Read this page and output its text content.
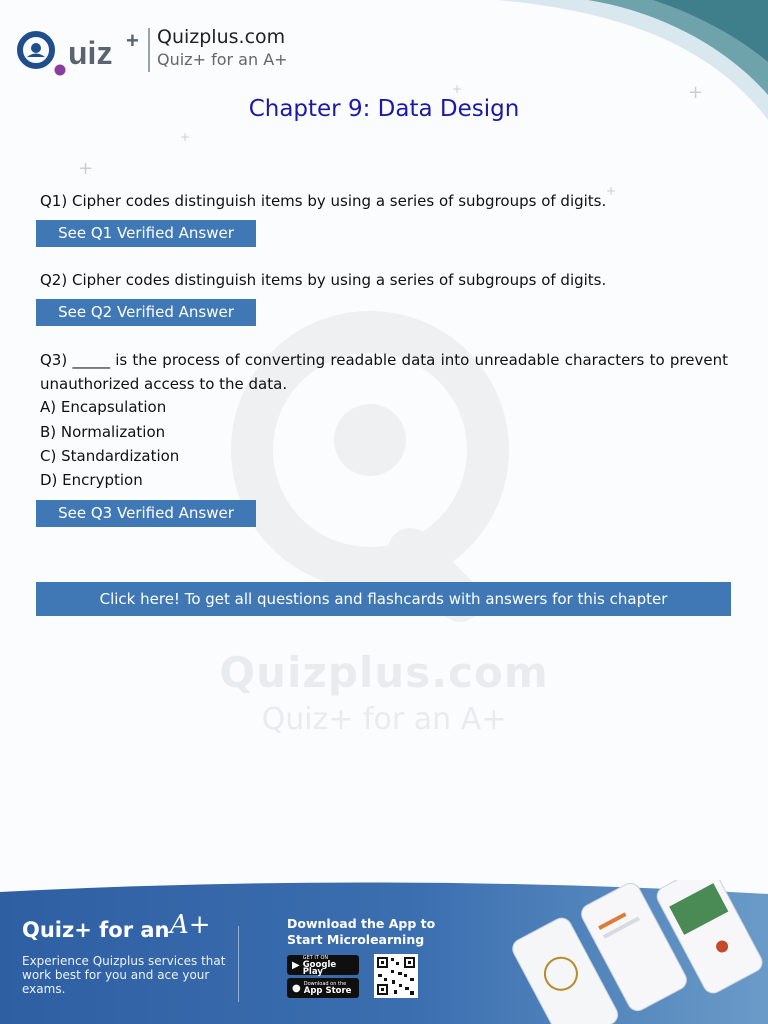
Quizplus.com
Quiz+ for an A+
+
+
+
+
+
uiz + Quizplus.com
Quiz+ for an A+
Chapter 9: Data Design
Q1) Cipher codes distinguish items by using a series of subgroups of digits.
See Q1 Verified Answer
Q2) Cipher codes distinguish items by using a series of subgroups of digits.
See Q2 Verified Answer
Q3) _____ is the process of converting readable data into unreadable characters to prevent unauthorized access to the data.
A) Encapsulation
B) Normalization
C) Standardization
D) Encryption
See Q3 Verified Answer
Click here! To get all questions and flashcards with answers for this chapter
Quiz+ for an A+
Experience Quizplus services that work best for you and ace your exams.
Download the App to Start Microlearning
▶
GET IT ON
Google Play
● Download on the
App Store
